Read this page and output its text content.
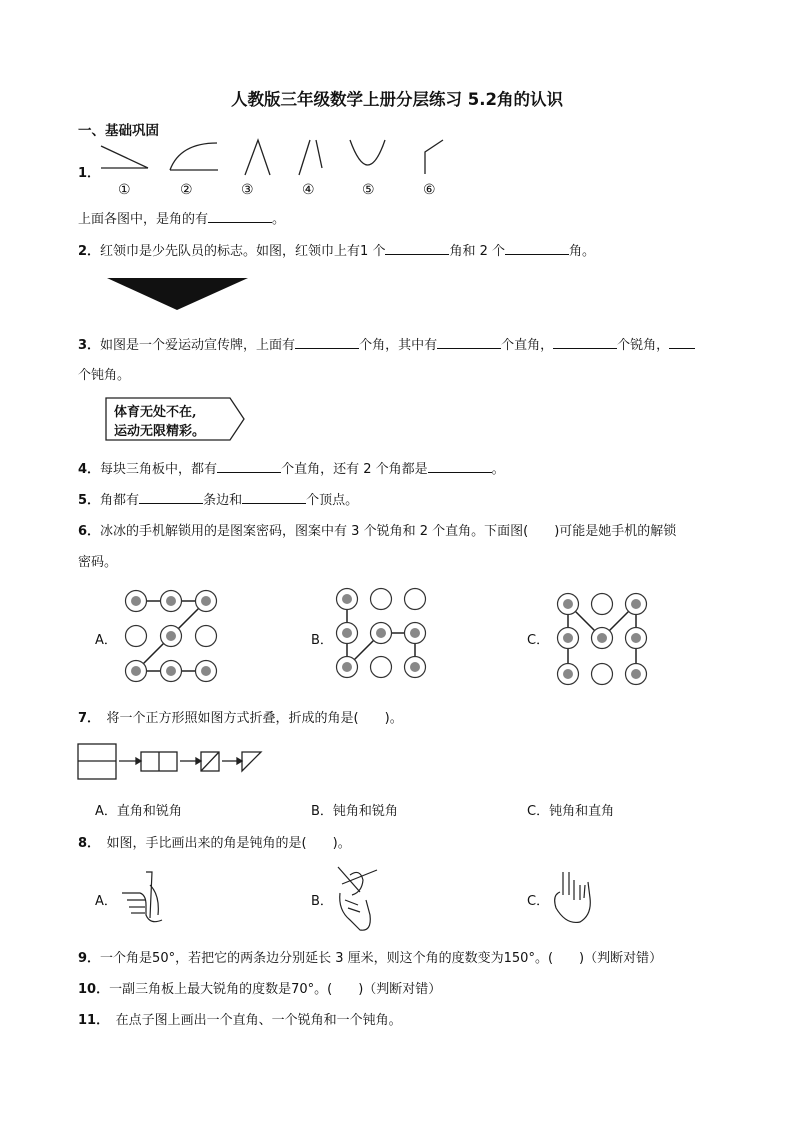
人教版三年级数学上册分层练习 5.2角的认识
一、基础巩固
1．
①	②	③	④	⑤	⑥
上面各图中，是角的有	。
2．红领巾是少先队员的标志。如图，红领巾上有1 个	角和 2 个	角。
3．如图是一个爱运动宣传牌，上面有	个角，其中有	个直角，	个锐角，
个钝角。
体育无处不在,
运动无限精彩。
4．每块三角板中，都有	个直角，还有 2 个角都是	。
5．角都有	条边和	个顶点。
6．冰冰的手机解锁用的是图案密码，图案中有 3 个锐角和 2 个直角。下面图(　　)可能是她手机的解锁
密码。
A．	B．	C．
7．　将一个正方形照如图方式折叠，折成的角是(　　)。
A．直角和锐角	B．钝角和锐角	C．钝角和直角
8．　如图，手比画出来的角是钝角的是(　　)。
A．	B．	C．
9．一个角是50°，若把它的两条边分别延长 3 厘米，则这个角的度数变为150°。(　　)（判断对错）
10．一副三角板上最大锐角的度数是70°。(　　)（判断对错）
11．　在点子图上画出一个直角、一个锐角和一个钝角。
